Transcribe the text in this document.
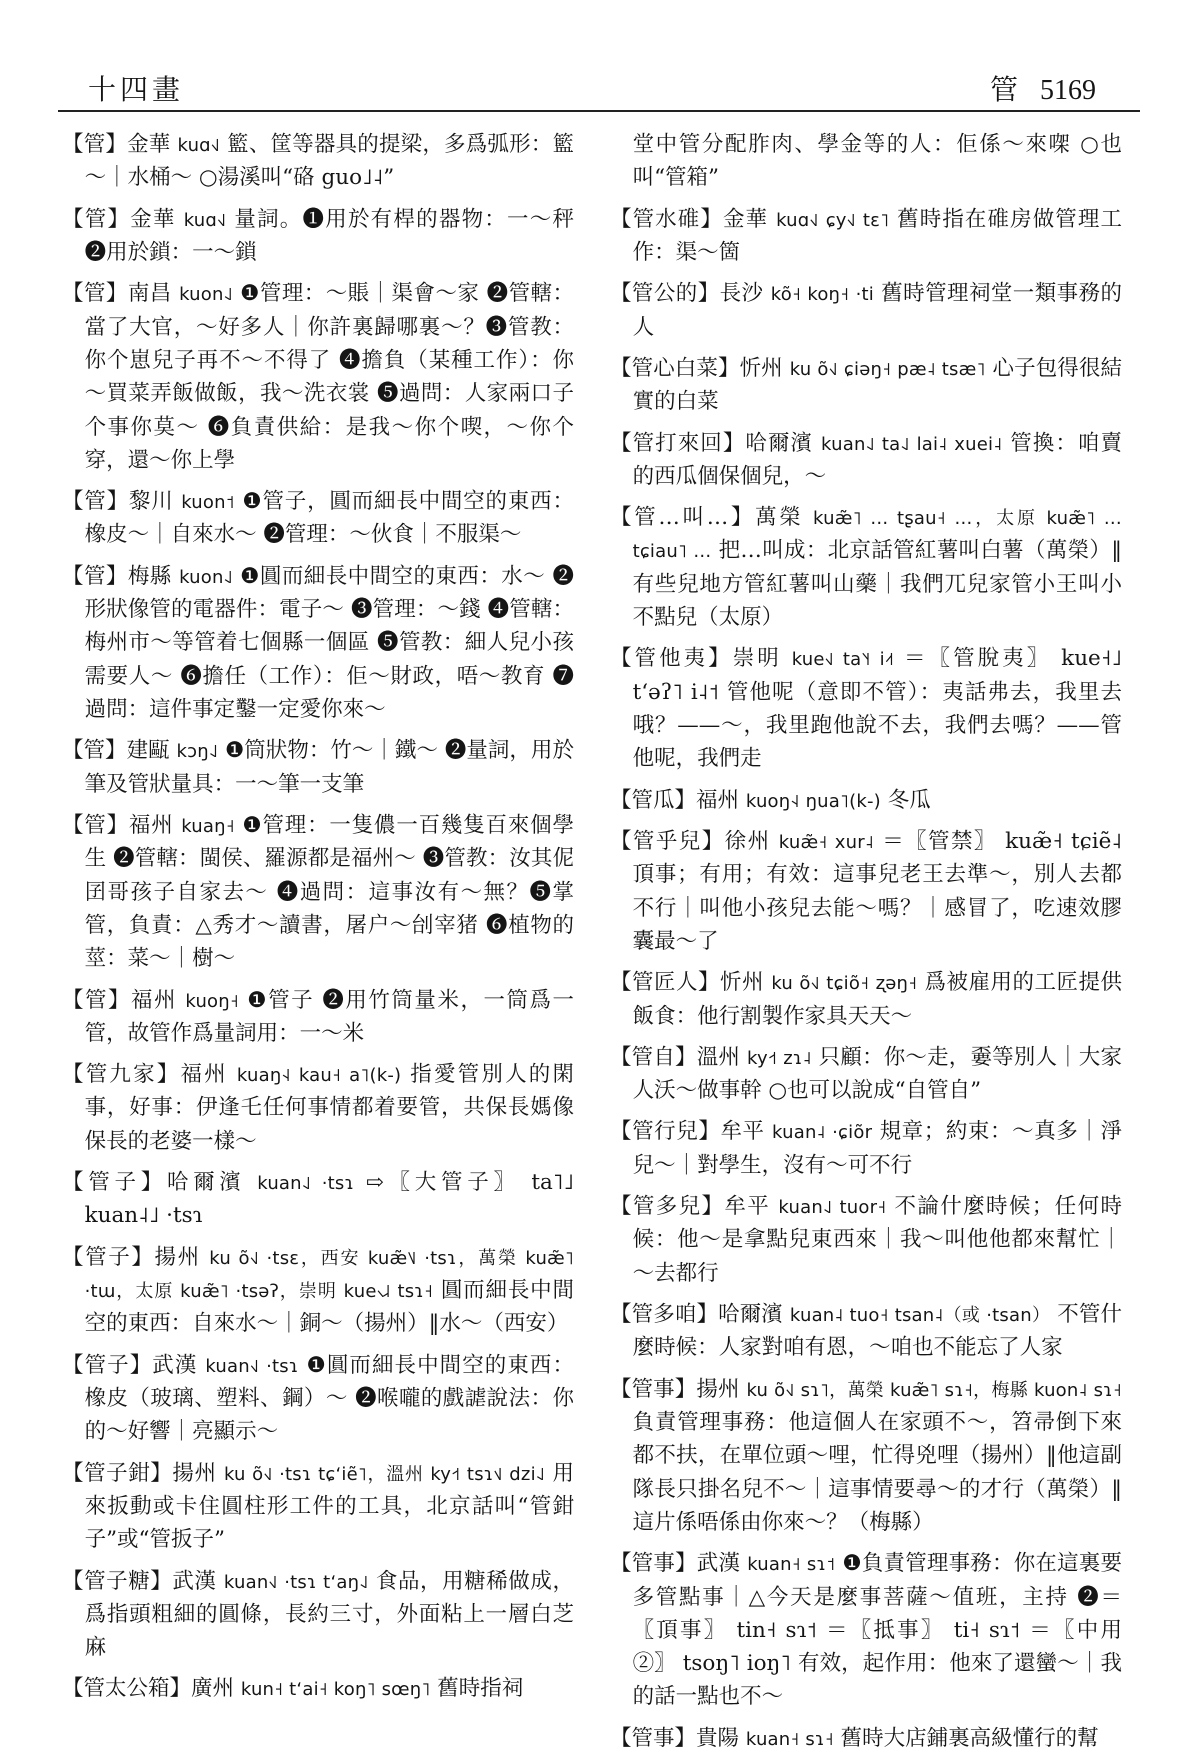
十四畫	管 5169

【管】金華 kuɑ˧˩ 籃、筐等器具的提梁，多爲弧形：籃～｜水桶～ ○湯溪叫“硌 guo˩˨”

【管】金華 kuɑ˧˩ 量詞。❶用於有桿的器物：一～秤 ❷用於鎖：一～鎖

【管】南昌 kuon˨˩ ❶管理：～賬｜渠會～家 ❷管轄：當了大官，～好多人｜你許裏歸哪裏～？❸管教：你个崽兒子再不～不得了 ❹擔負（某種工作）：你～買菜弄飯做飯，我～洗衣裳 ❺過問：人家兩口子个事你莫～ ❻負責供給：是我～你个喫，～你个穿，還～你上學

【管】黎川 kuon˦ ❶管子，圓而細長中間空的東西：橡皮～｜自來水～ ❷管理：～伙食｜不服渠～

【管】梅縣 kuon˨˩ ❶圓而細長中間空的東西：水～ ❷形狀像管的電器件：電子～ ❸管理：～錢 ❹管轄：梅州市～等管着七個縣一個區 ❺管教：細人兒小孩需要人～ ❻擔任（工作）：佢～財政，唔～教育 ❼過問：這件事定鑿一定愛你來～

【管】建甌 kɔŋ˨˩ ❶筒狀物：竹～｜鐵～ ❷量詞，用於筆及管狀量具：一～筆一支筆

【管】福州 kuaŋ˧ ❶管理：一隻儂一百幾隻百來個學生 ❷管轄：閩侯、羅源都是福州～ ❸管教：汝其伲囝哥孩子自家去～ ❹過問：這事汝有～無？❺掌管，負責：△秀才～讀書，屠户～刣宰猪 ❻植物的莖：菜～｜樹～

【管】福州 kuoŋ˧ ❶管子 ❷用竹筒量米，一筒爲一管，故管作爲量詞用：一～米

【管九家】福州 kuaŋ˧˨ kau˧ a˥(k-) 指愛管別人的閑事，好事：伊逢乇任何事情都着要管，共保長媽像保長的老婆一樣～

【管子】哈爾濱 kuan˨˩ ·tsɿ ⇨〖大管子〗 ta˥˩ kuan˨˩ ·tsɿ

【管子】揚州 ku õ˧˩ ·tsɛ，西安 kuæ̃˥˩ ·tsɿ，萬榮 kuæ̃˥ ·tɯ，太原 kuæ̃˥ ·tsəʔ，崇明 kue˧˩˨ tsɿ˧ 圓而細長中間空的東西：自來水～｜銅～（揚州）‖水～（西安）

【管子】武漢 kuan˧˩ ·tsɿ ❶圓而細長中間空的東西：橡皮（玻璃、塑料、鋼）～ ❷喉嚨的戲謔說法：你的～好響｜亮顯示～

【管子鉗】揚州 ku õ˧˩ ·tsɿ tɕʻiẽ˥，溫州 ky˧˦ tsɿ˦˩ dzi˨˩ 用來扳動或卡住圓柱形工件的工具，北京話叫“管鉗子”或“管扳子”

【管子糖】武漢 kuan˧˩ ·tsɿ tʻaŋ˨˩ 食品，用糖稀做成，爲指頭粗細的圓條，長約三寸，外面粘上一層白芝麻

【管太公箱】廣州 kun˧ tʻai˧ koŋ˥ sœŋ˥ 舊時指祠

堂中管分配胙肉、學金等的人：佢係～來㗎 ○也叫“管箱”

【管水碓】金華 kuɑ˧˩ ɕy˧˩ tɛ˥ 舊時指在碓房做管理工作：渠～箇

【管公的】長沙 kõ˧ koŋ˧ ·ti 舊時管理祠堂一類事務的人

【管心白菜】忻州 ku õ˧˩ ɕiəŋ˧ pæ˨ tsæ˥ 心子包得很結實的白菜

【管打來回】哈爾濱 kuan˨˩ ta˨˩ lai˨ xuei˨ 管換：咱賣的西瓜個保個兒，～

【管…叫…】萬榮 kuæ̃˥ … tʂau˧ …，太原 kuæ̃˥ … tɕiau˥ … 把…叫成：北京話管紅薯叫白薯（萬榮）‖有些兒地方管紅薯叫山藥｜我們兀兒家管小王叫小不點兒（太原）

【管他夷】崇明 kue˧˩ ta˥˧ i˨˦ ＝〖管脫夷〗 kue˧˩ tʻəʔ˥ i˨˦ 管他呢（意即不管）：夷話弗去，我里去哦？——～，我里跑他說不去，我們去嗎？——管他呢，我們走

【管瓜】福州 kuoŋ˧˨ ŋua˥(k-) 冬瓜

【管乎兒】徐州 kuæ̃˧ xur˨ ＝〖管禁〗 kuæ̃˧ tɕiẽ˨ 頂事；有用；有效：這事兒老王去準～，別人去都不行｜叫他小孩兒去能～嗎？｜感冒了，吃速效膠囊最～了

【管匠人】忻州 ku õ˧˩ tɕiõ˧ ʐəŋ˧ 爲被雇用的工匠提供飯食：他行割製作家具天天～

【管自】溫州 ky˧˦ zɿ˨ 只顧：你～走，嫑等別人｜大家人沃～做事幹 ○也可以說成“自管自”

【管行兒】牟平 kuan˨ ·ɕiõr 規章；約束：～真多｜淨兒～｜對學生，沒有～可不行

【管多兒】牟平 kuan˨˩ tuor˧ 不論什麼時候；任何時候：他～是拿點兒東西來｜我～叫他他都來幫忙｜～去都行

【管多咱】哈爾濱 kuan˨ tuo˧ tsan˨（或 ·tsan） 不管什麼時候：人家對咱有恩，～咱也不能忘了人家

【管事】揚州 ku õ˧˩ sɿ˥，萬榮 kuæ̃˥ sɿ˧，梅縣 kuon˨ sɿ˧ 負責管理事務：他這個人在家頭不～，笤帚倒下來都不扶，在單位頭～哩，忙得兇哩（揚州）‖他這副隊長只掛名兒不～｜這事情要尋～的才行（萬榮）‖這片係唔係由你來～？（梅縣）

【管事】武漢 kuan˧ sɿ˦ ❶負責管理事務：你在這裏要多管點事｜△今天是麼事菩薩～值班，主持 ❷＝〖頂事〗 tin˧ sɿ˦ ＝〖抵事〗 ti˧ sɿ˦ ＝〖中用②〗 tsoŋ˥ ioŋ˥ 有效，起作用：他來了還蠻～｜我的話一點也不～

【管事】貴陽 kuan˧ sɿ˧ 舊時大店鋪裏高級懂行的幫
